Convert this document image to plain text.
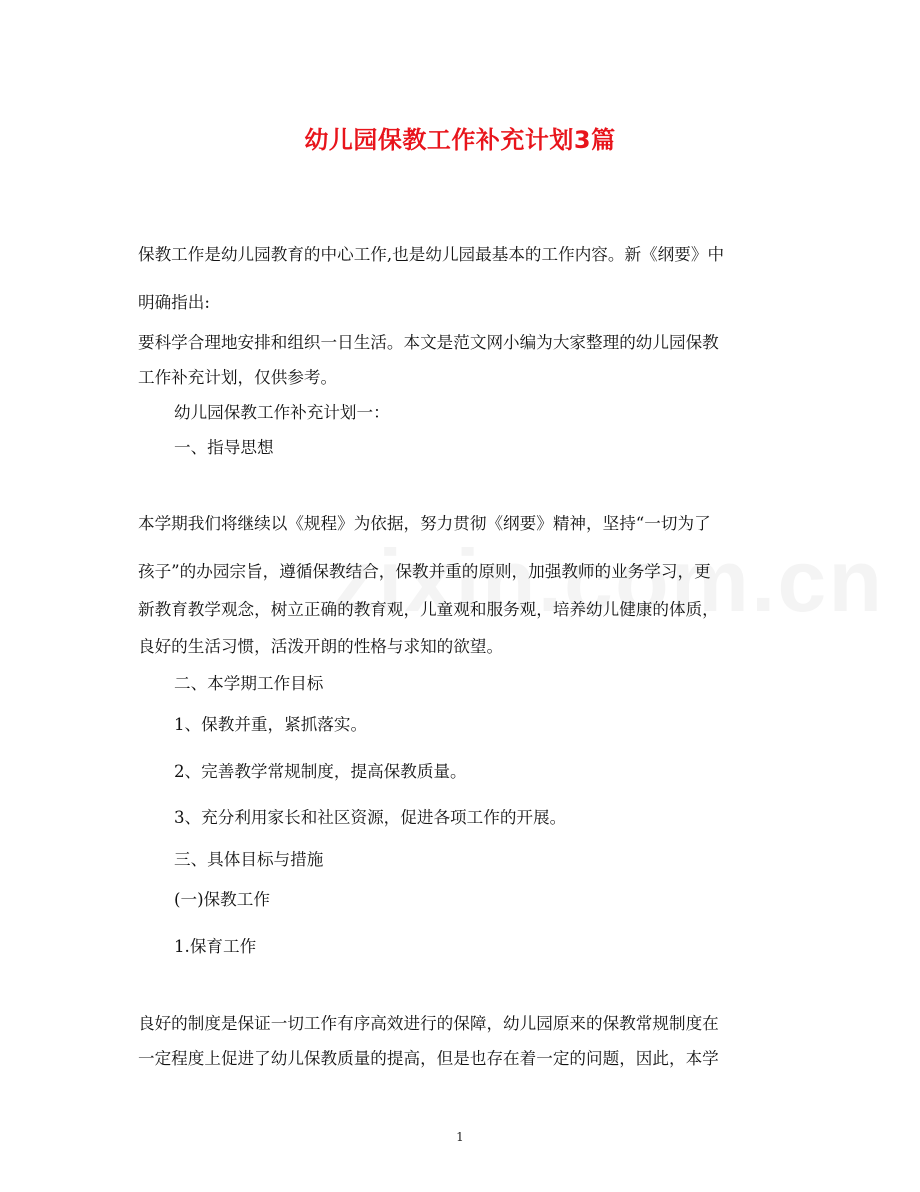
幼儿园保教工作补充计划3篇
保教工作是幼儿园教育的中心工作,也是幼儿园最基本的工作内容。新《纲要》中
明确指出:
要科学合理地安排和组织一日生活。本文是范文网小编为大家整理的幼儿园保教
工作补充计划，仅供参考。
幼儿园保教工作补充计划一：
一、指导思想
本学期我们将继续以《规程》为依据，努力贯彻《纲要》精神，坚持“一切为了
孩子”的办园宗旨，遵循保教结合，保教并重的原则，加强教师的业务学习，更
新教育教学观念，树立正确的教育观，儿童观和服务观，培养幼儿健康的体质，
良好的生活习惯，活泼开朗的性格与求知的欲望。
二、本学期工作目标
1、保教并重，紧抓落实。
2、完善教学常规制度，提高保教质量。
3、充分利用家长和社区资源，促进各项工作的开展。
三、具体目标与措施
(一)保教工作
1.保育工作
良好的制度是保证一切工作有序高效进行的保障，幼儿园原来的保教常规制度在
一定程度上促进了幼儿保教质量的提高，但是也存在着一定的问题，因此，本学
1
